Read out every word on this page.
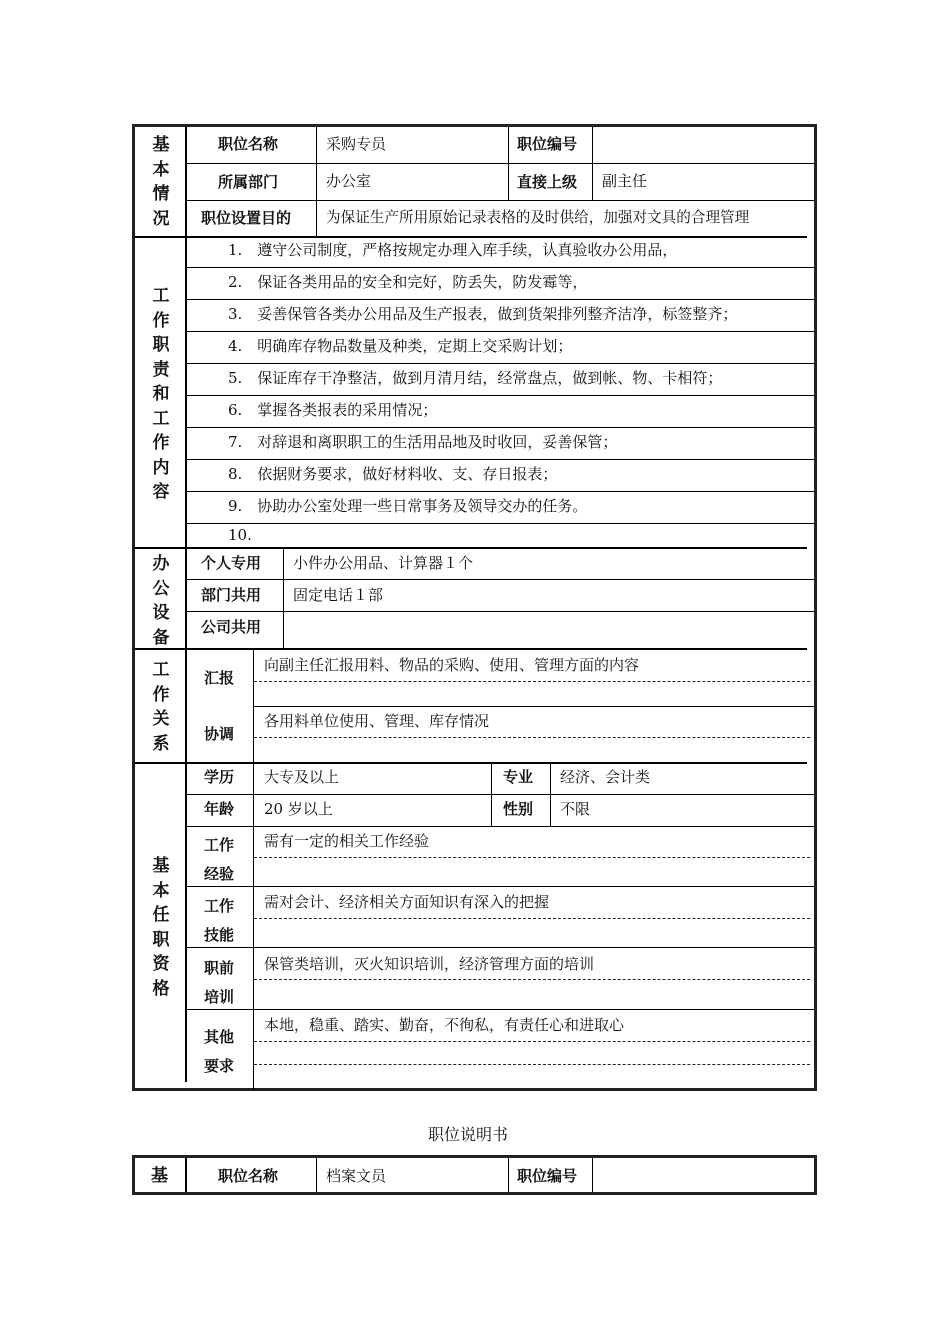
基
本
情
况
职位名称	采购专员	职位编号
所属部门	办公室	直接上级 副主任
职位设置目的 为保证生产所用原始记录表格的及时供给，加强对文具的合理管理
工
作
职
责
和
工
作
内
容
1.　遵守公司制度，严格按规定办理入库手续，认真验收办公用品，
2.　保证各类用品的安全和完好，防丢失，防发霉等，
3.　妥善保管各类办公用品及生产报表，做到货架排列整齐洁净，标签整齐；
4.　明确库存物品数量及种类，定期上交采购计划；
5.　保证库存干净整洁，做到月清月结，经常盘点，做到帐、物、卡相符；
6.　掌握各类报表的采用情况；
7.　对辞退和离职职工的生活用品地及时收回，妥善保管；
8.　依据财务要求，做好材料收、支、存日报表；
9.　协助办公室处理一些日常事务及领导交办的任务。
10.
办
公
设
备
个人专用 小件办公用品、计算器１个
部门共用 固定电话１部
公司共用
工
作
关
系
汇报
向副主任汇报用料、物品的采购、使用、管理方面的内容
协调
各用料单位使用、管理、库存情况
基
本
任
职
资
格
学历 大专及以上	专业 经济、会计类
年龄 20 岁以上	性别 不限
工作
经验
需有一定的相关工作经验
工作
技能
需对会计、经济相关方面知识有深入的把握
职前
培训
保管类培训，灭火知识培训，经济管理方面的培训
其他
要求
本地，稳重、踏实、勤奋，不徇私，有责任心和进取心
职位说明书
基	职位名称	档案文员	职位编号
